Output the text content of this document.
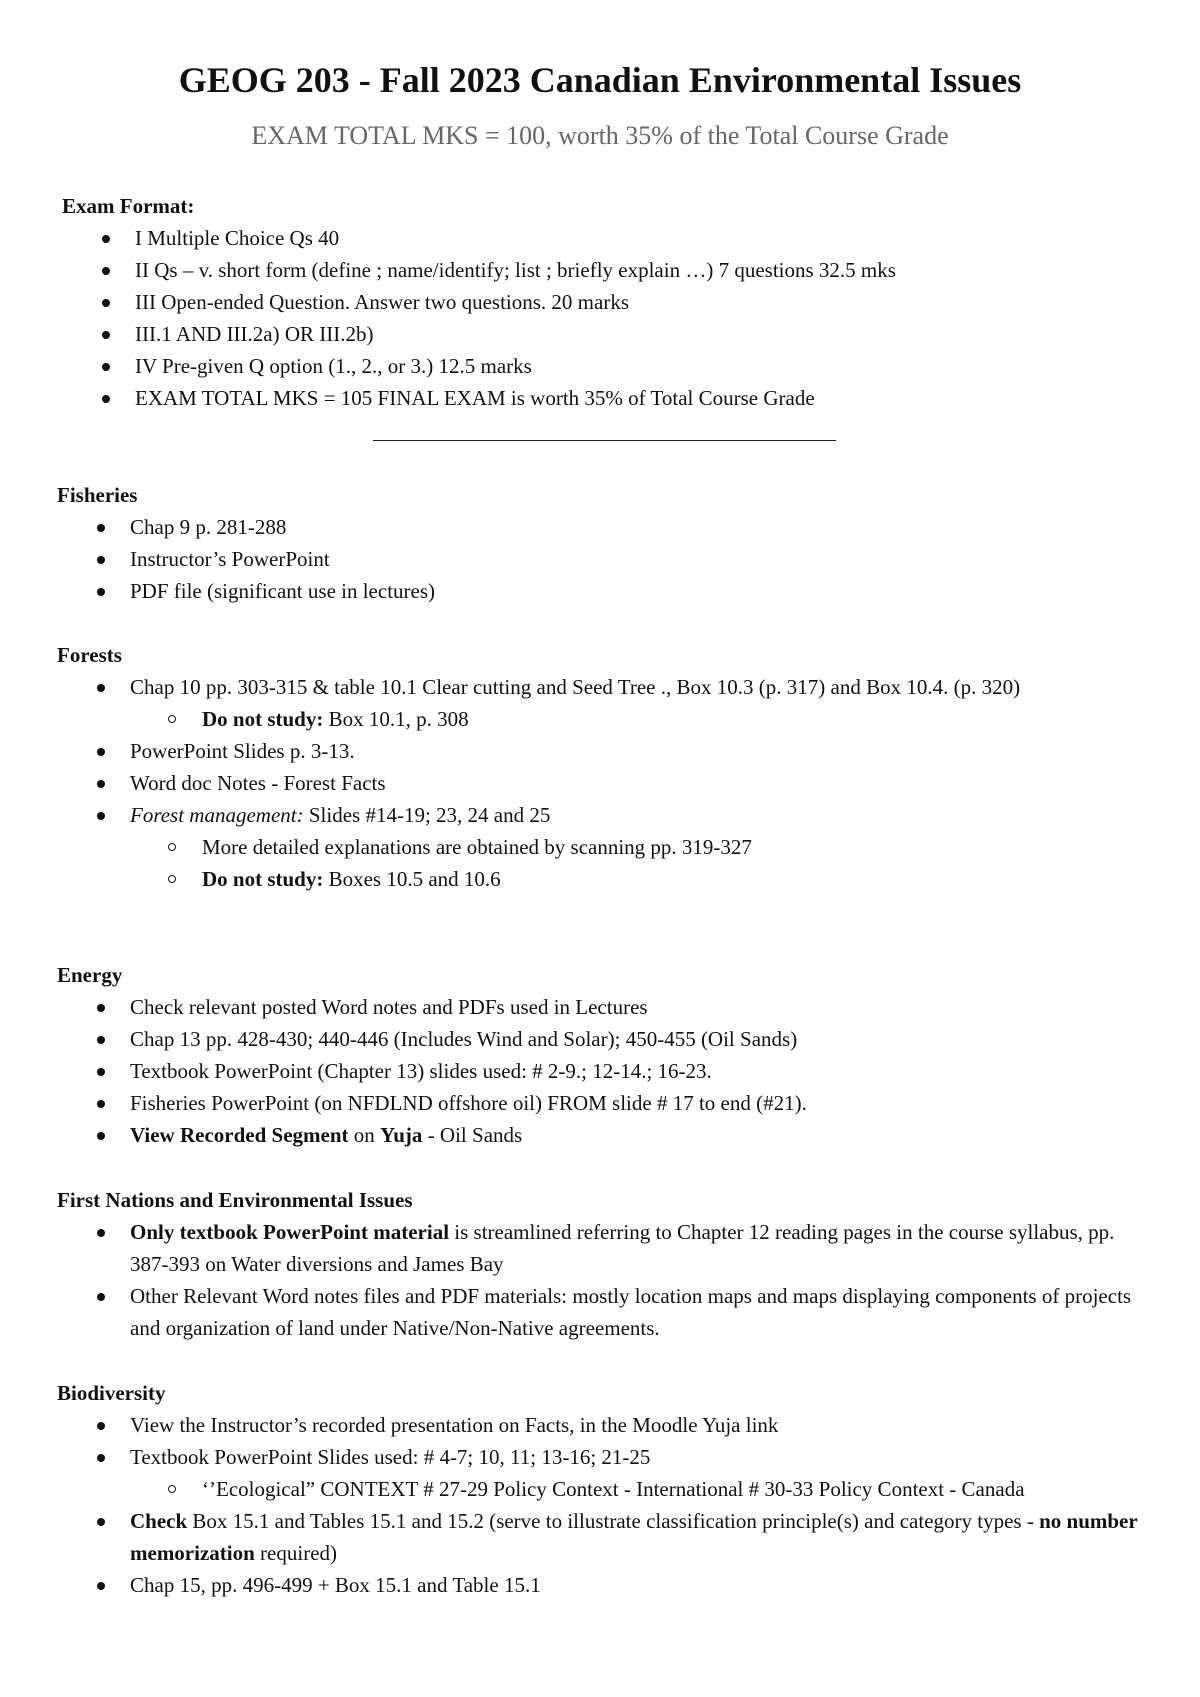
GEOG 203 - Fall 2023 Canadian Environmental Issues

EXAM TOTAL MKS = 100, worth 35% of the Total Course Grade

Exam Format:

I Multiple Choice Qs 40
II Qs – v. short form (define ; name/identify; list ; briefly explain …) 7 questions 32.5 mks
III Open-ended Question. Answer two questions. 20 marks
III.1 AND III.2a) OR III.2b)
IV Pre-given Q option (1., 2., or 3.) 12.5 marks
EXAM TOTAL MKS = 105 FINAL EXAM is worth 35% of Total Course Grade

Fisheries

Chap 9 p. 281-288
Instructor’s PowerPoint
PDF file (significant use in lectures)

Forests

Chap 10 pp. 303-315 & table 10.1 Clear cutting and Seed Tree ., Box 10.3 (p. 317) and Box 10.4. (p. 320)
Do not study: Box 10.1, p. 308
PowerPoint Slides p. 3-13.
Word doc Notes - Forest Facts
Forest management: Slides #14-19; 23, 24 and 25
More detailed explanations are obtained by scanning pp. 319-327
Do not study: Boxes 10.5 and 10.6

Energy

Check relevant posted Word notes and PDFs used in Lectures
Chap 13 pp. 428-430; 440-446 (Includes Wind and Solar); 450-455 (Oil Sands)
Textbook PowerPoint (Chapter 13) slides used: # 2-9.; 12-14.; 16-23.
Fisheries PowerPoint (on NFDLND offshore oil) FROM slide # 17 to end (#21).
View Recorded Segment on Yuja - Oil Sands

First Nations and Environmental Issues

Only textbook PowerPoint material is streamlined referring to Chapter 12 reading pages in the course syllabus, pp. 387-393 on Water diversions and James Bay
Other Relevant Word notes files and PDF materials: mostly location maps and maps displaying components of projects and organization of land under Native/Non-Native agreements.

Biodiversity

View the Instructor’s recorded presentation on Facts, in the Moodle Yuja link
Textbook PowerPoint Slides used: # 4-7; 10, 11; 13-16; 21-25
‘’Ecological” CONTEXT # 27-29 Policy Context - International # 30-33 Policy Context - Canada
Check Box 15.1 and Tables 15.1 and 15.2 (serve to illustrate classification principle(s) and category types - no number memorization required)
Chap 15, pp. 496-499 + Box 15.1 and Table 15.1
